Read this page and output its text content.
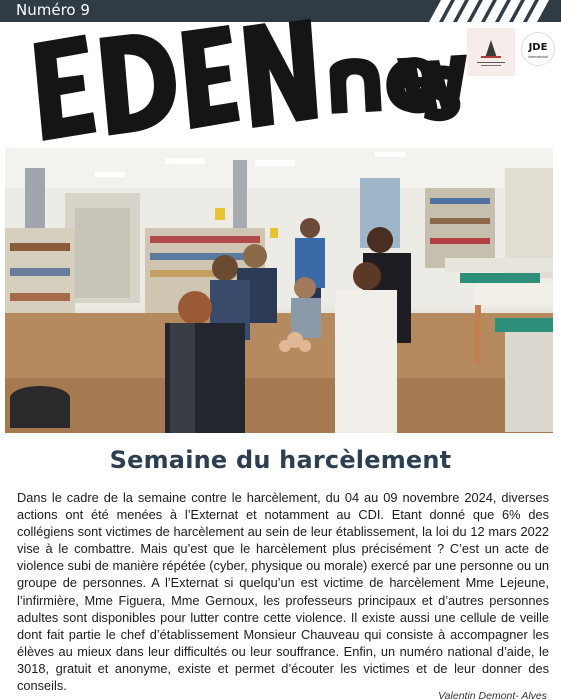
Numéro 9
JDE
International
Semaine du harcèlement

Dans le cadre de la semaine contre le harcèlement, du 04 au 09 novembre 2024, diverses actions ont été menées à l’Externat et notamment au CDI. Etant donné que 6% des collégiens sont victimes de harcèlement au sein de leur établissement, la loi du 12 mars 2022 vise à le combattre. Mais qu’est que le harcèlement plus précisément ? C’est un acte de violence subi de manière répétée (cyber, physique ou morale) exercé par une personne ou un groupe de personnes. A l’Externat si quelqu’un est victime de harcèlement Mme Lejeune, l’infirmière, Mme Figuera, Mme Gernoux, les professeurs principaux et d’autres personnes adultes sont disponibles pour lutter contre cette violence. Il existe aussi une cellule de veille dont fait partie le chef d’établissement Monsieur Chauveau qui consiste à accompagner les élèves au mieux dans leur difficultés ou leur souffrance. Enfin, un numéro national d’aide, le 3018, gratuit et anonyme, existe et permet d’écouter les victimes et de leur donner des conseils.

Valentin Demont- Alves
